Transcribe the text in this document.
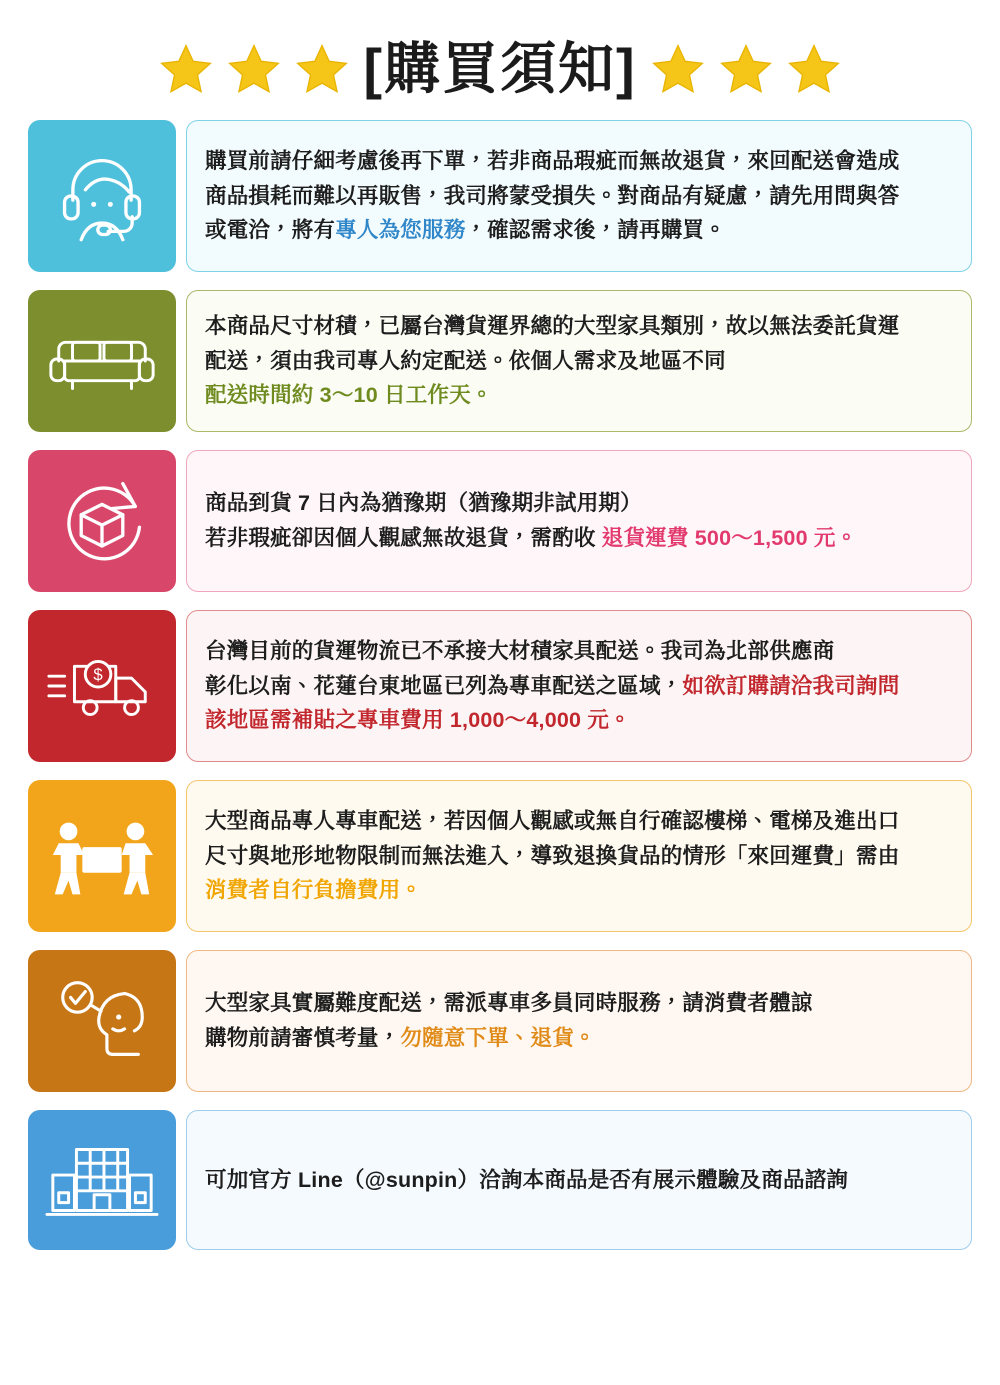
[購買須知]
購買前請仔細考慮後再下單，若非商品瑕疵而無故退貨，來回配送會造成
商品損耗而難以再販售，我司將蒙受損失。對商品有疑慮，請先用問與答
或電洽，將有專人為您服務，確認需求後，請再購買。
本商品尺寸材積，已屬台灣貨運界總的大型家具類別，故以無法委託貨運
配送，須由我司專人約定配送。依個人需求及地區不同
配送時間約 3～10 日工作天。
商品到貨 7 日內為猶豫期（猶豫期非試用期）
若非瑕疵卻因個人觀感無故退貨，需酌收 退貨運費 500～1,500 元。
$
台灣目前的貨運物流已不承接大材積家具配送。我司為北部供應商
彰化以南、花蓮台東地區已列為專車配送之區域，如欲訂購請洽我司詢問
該地區需補貼之專車費用 1,000～4,000 元。
大型商品專人專車配送，若因個人觀感或無自行確認樓梯、電梯及進出口
尺寸與地形地物限制而無法進入，導致退換貨品的情形「來回運費」需由
消費者自行負擔費用。
大型家具實屬難度配送，需派專車多員同時服務，請消費者體諒
購物前請審慎考量，勿隨意下單、退貨。
可加官方 Line（@sunpin）洽詢本商品是否有展示體驗及商品諮詢
